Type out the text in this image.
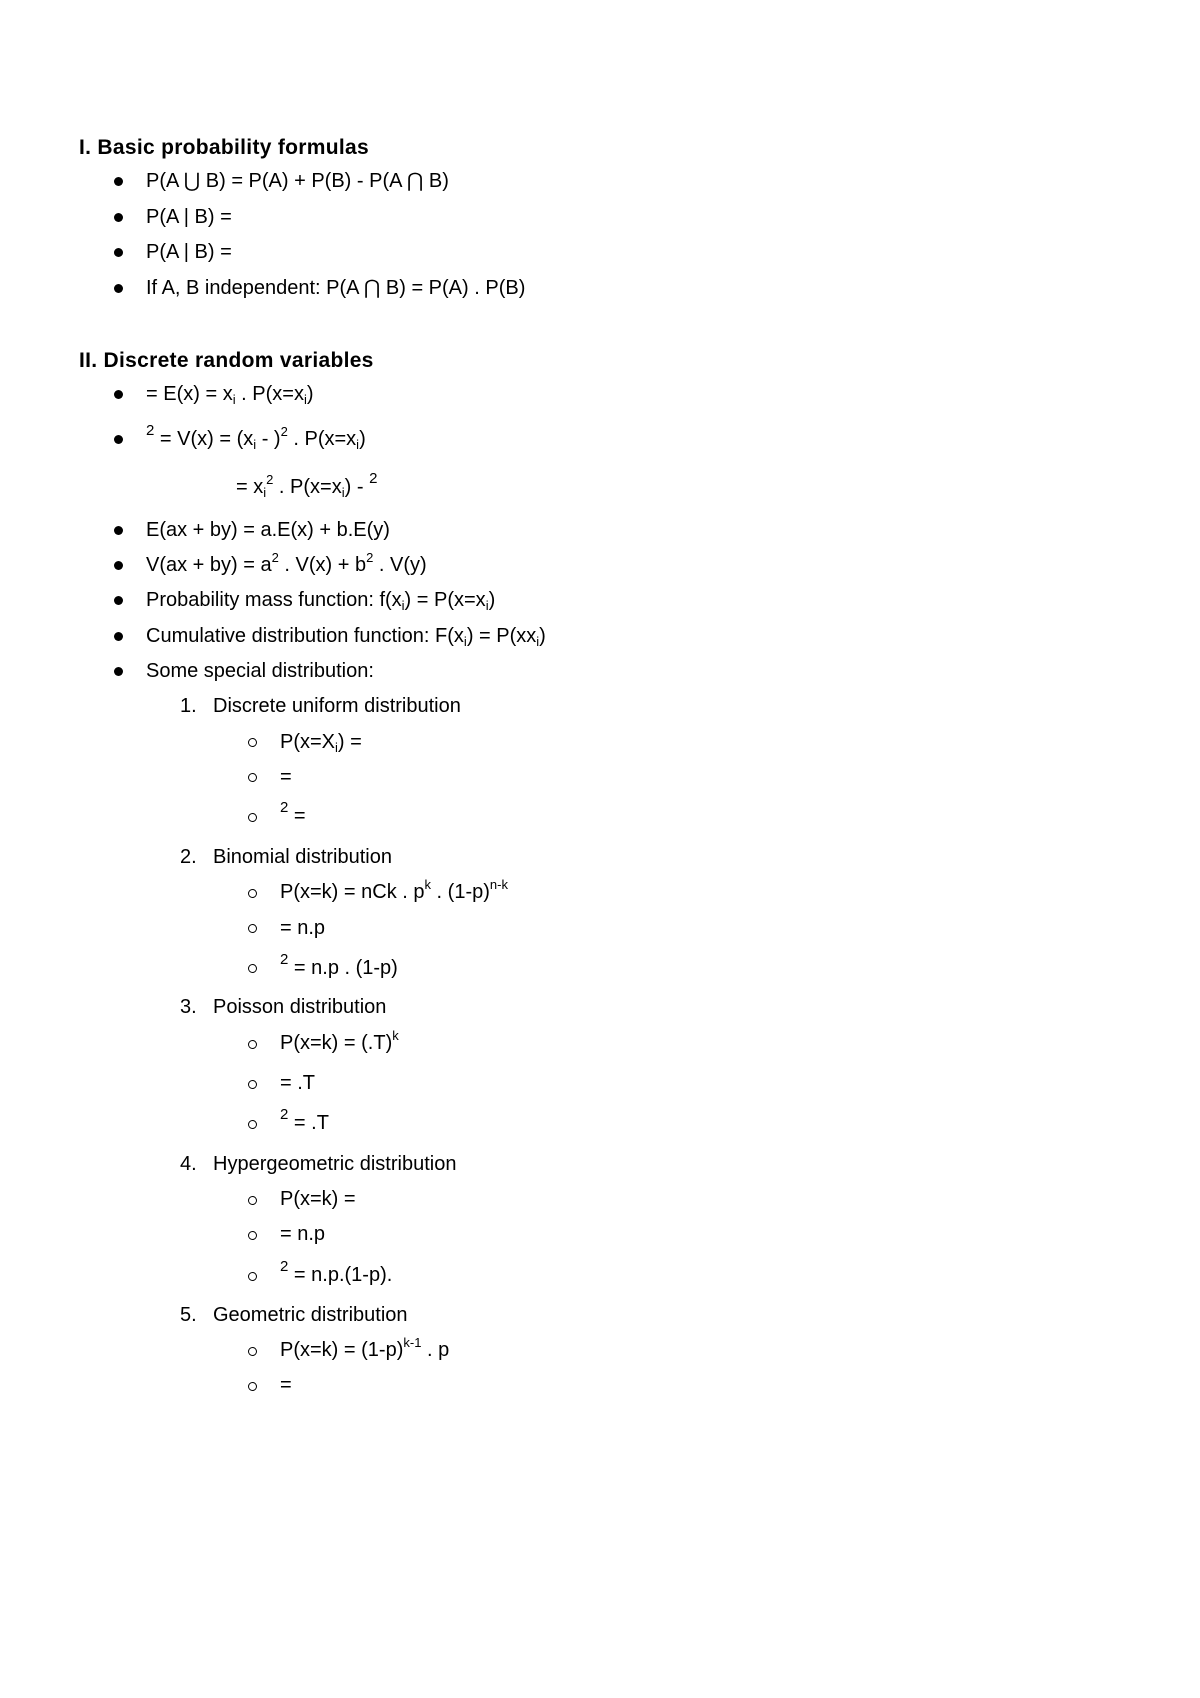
I. Basic probability formulas
P(A ⋃ B) = P(A) + P(B) - P(A ⋂ B)
P(A | B) =
P(A | B) =
If A, B independent: P(A ⋂ B) = P(A) . P(B)
II. Discrete random variables
= $E(x) = x_i$ . $P(x=x_i)$
$^2 = V(x) = (x_i - )^2$ . $P(x=x_i)$
= $x_i^2$ . $P(x=x_i) - ^2$
E(ax + by) = a.E(x) + b.E(y)
$V(ax + by) = a^2$ . $V(x) + b^2$ . V(y)
Probability mass function: $f(x_i) = P(x=x_i)$
Cumulative distribution function: $F(x_i) = P(xx_i)$
Some special distribution:
1. Discrete uniform distribution
$P(x=X_i)$ =
=
$^2$ =
2. Binomial distribution
P(x=k) = nCk . $p^k$ . $(1-p)^{n-k}$
= n.p
$^2$ = n.p . (1-p)
3. Poisson distribution
$P(x=k) = (.T)^k$
= .T
$^2$ = .T
4. Hypergeometric distribution
P(x=k) =
= n.p
$^2$ = n.p.(1-p).
5. Geometric distribution
$P(x=k) = (1-p)^{k-1}$ . p
=
